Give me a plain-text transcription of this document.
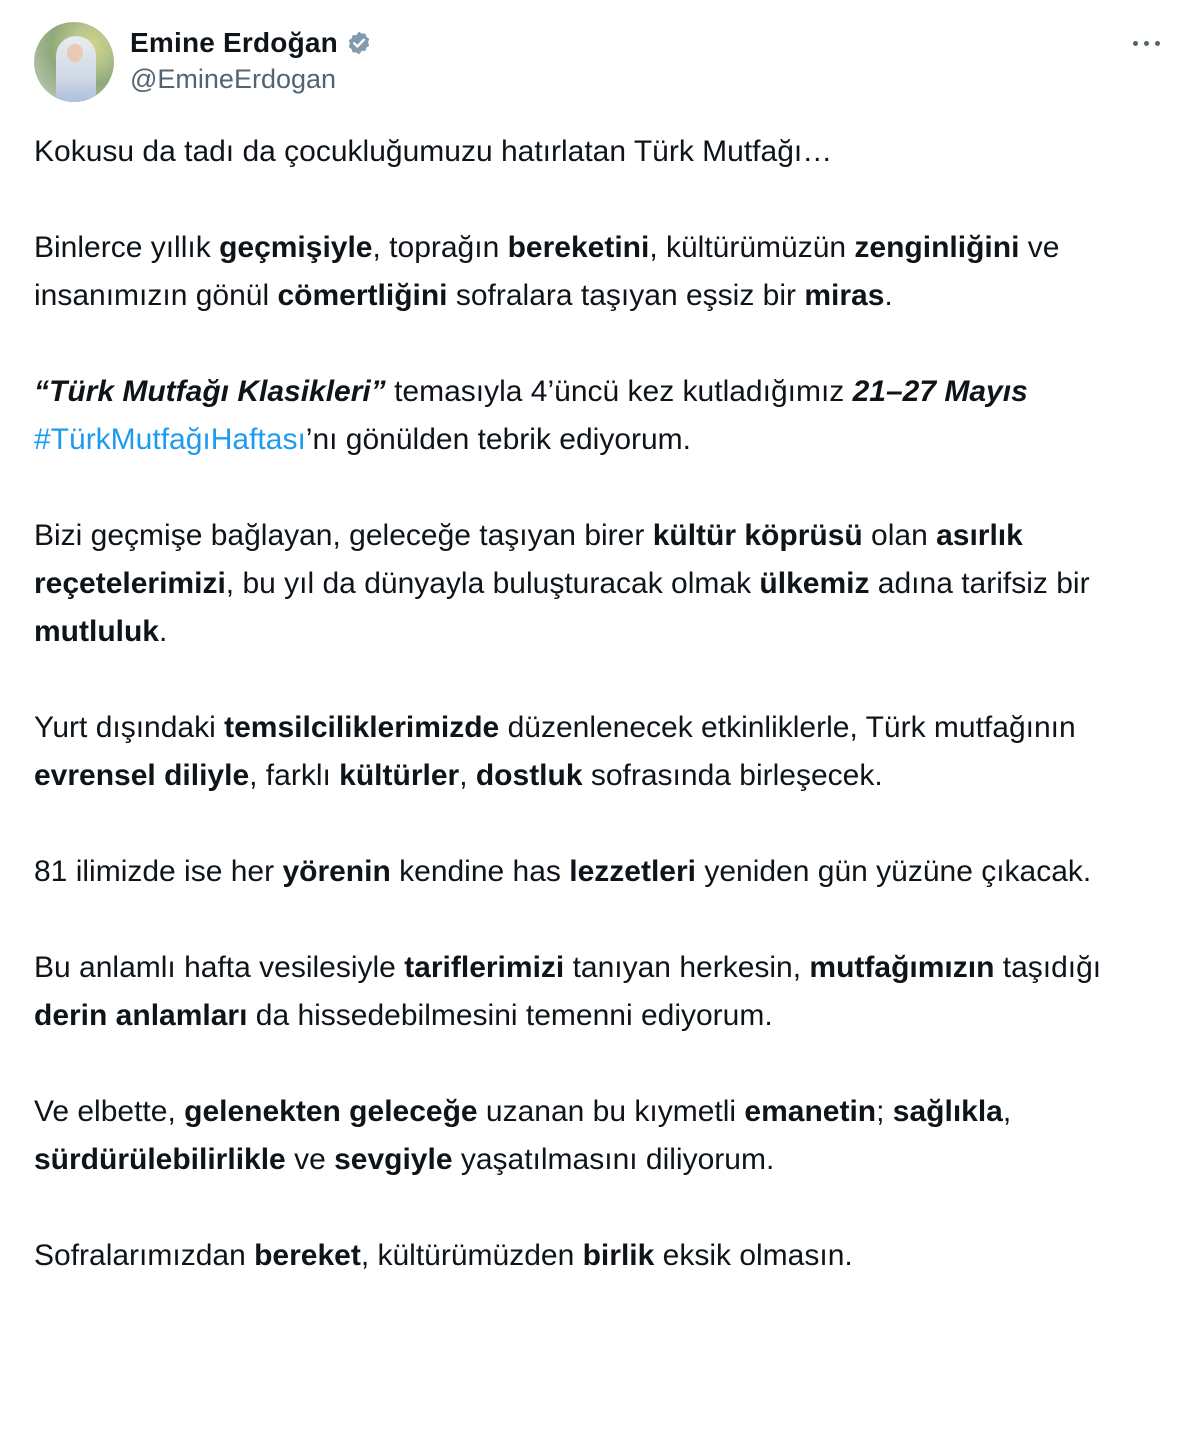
Emine Erdoğan
@EmineErdogan

Kokusu da tadı da çocukluğumuzu hatırlatan Türk Mutfağı…

Binlerce yıllık geçmişiyle, toprağın bereketini, kültürümüzün zenginliğini ve insanımızın gönül cömertliğini sofralara taşıyan eşsiz bir miras.

“Türk Mutfağı Klasikleri” temasıyla 4’üncü kez kutladığımız 21–27 Mayıs #TürkMutfağıHaftası’nı gönülden tebrik ediyorum.

Bizi geçmişe bağlayan, geleceğe taşıyan birer kültür köprüsü olan asırlık reçetelerimizi, bu yıl da dünyayla buluşturacak olmak ülkemiz adına tarifsiz bir mutluluk.

Yurt dışındaki temsilciliklerimizde düzenlenecek etkinliklerle, Türk mutfağının evrensel diliyle, farklı kültürler, dostluk sofrasında birleşecek.

81 ilimizde ise her yörenin kendine has lezzetleri yeniden gün yüzüne çıkacak.

Bu anlamlı hafta vesilesiyle tariflerimizi tanıyan herkesin, mutfağımızın taşıdığı derin anlamları da hissedebilmesini temenni ediyorum.

Ve elbette, gelenekten geleceğe uzanan bu kıymetli emanetin; sağlıkla, sürdürülebilirlikle ve sevgiyle yaşatılmasını diliyorum.

Sofralarımızdan bereket, kültürümüzden birlik eksik olmasın.
